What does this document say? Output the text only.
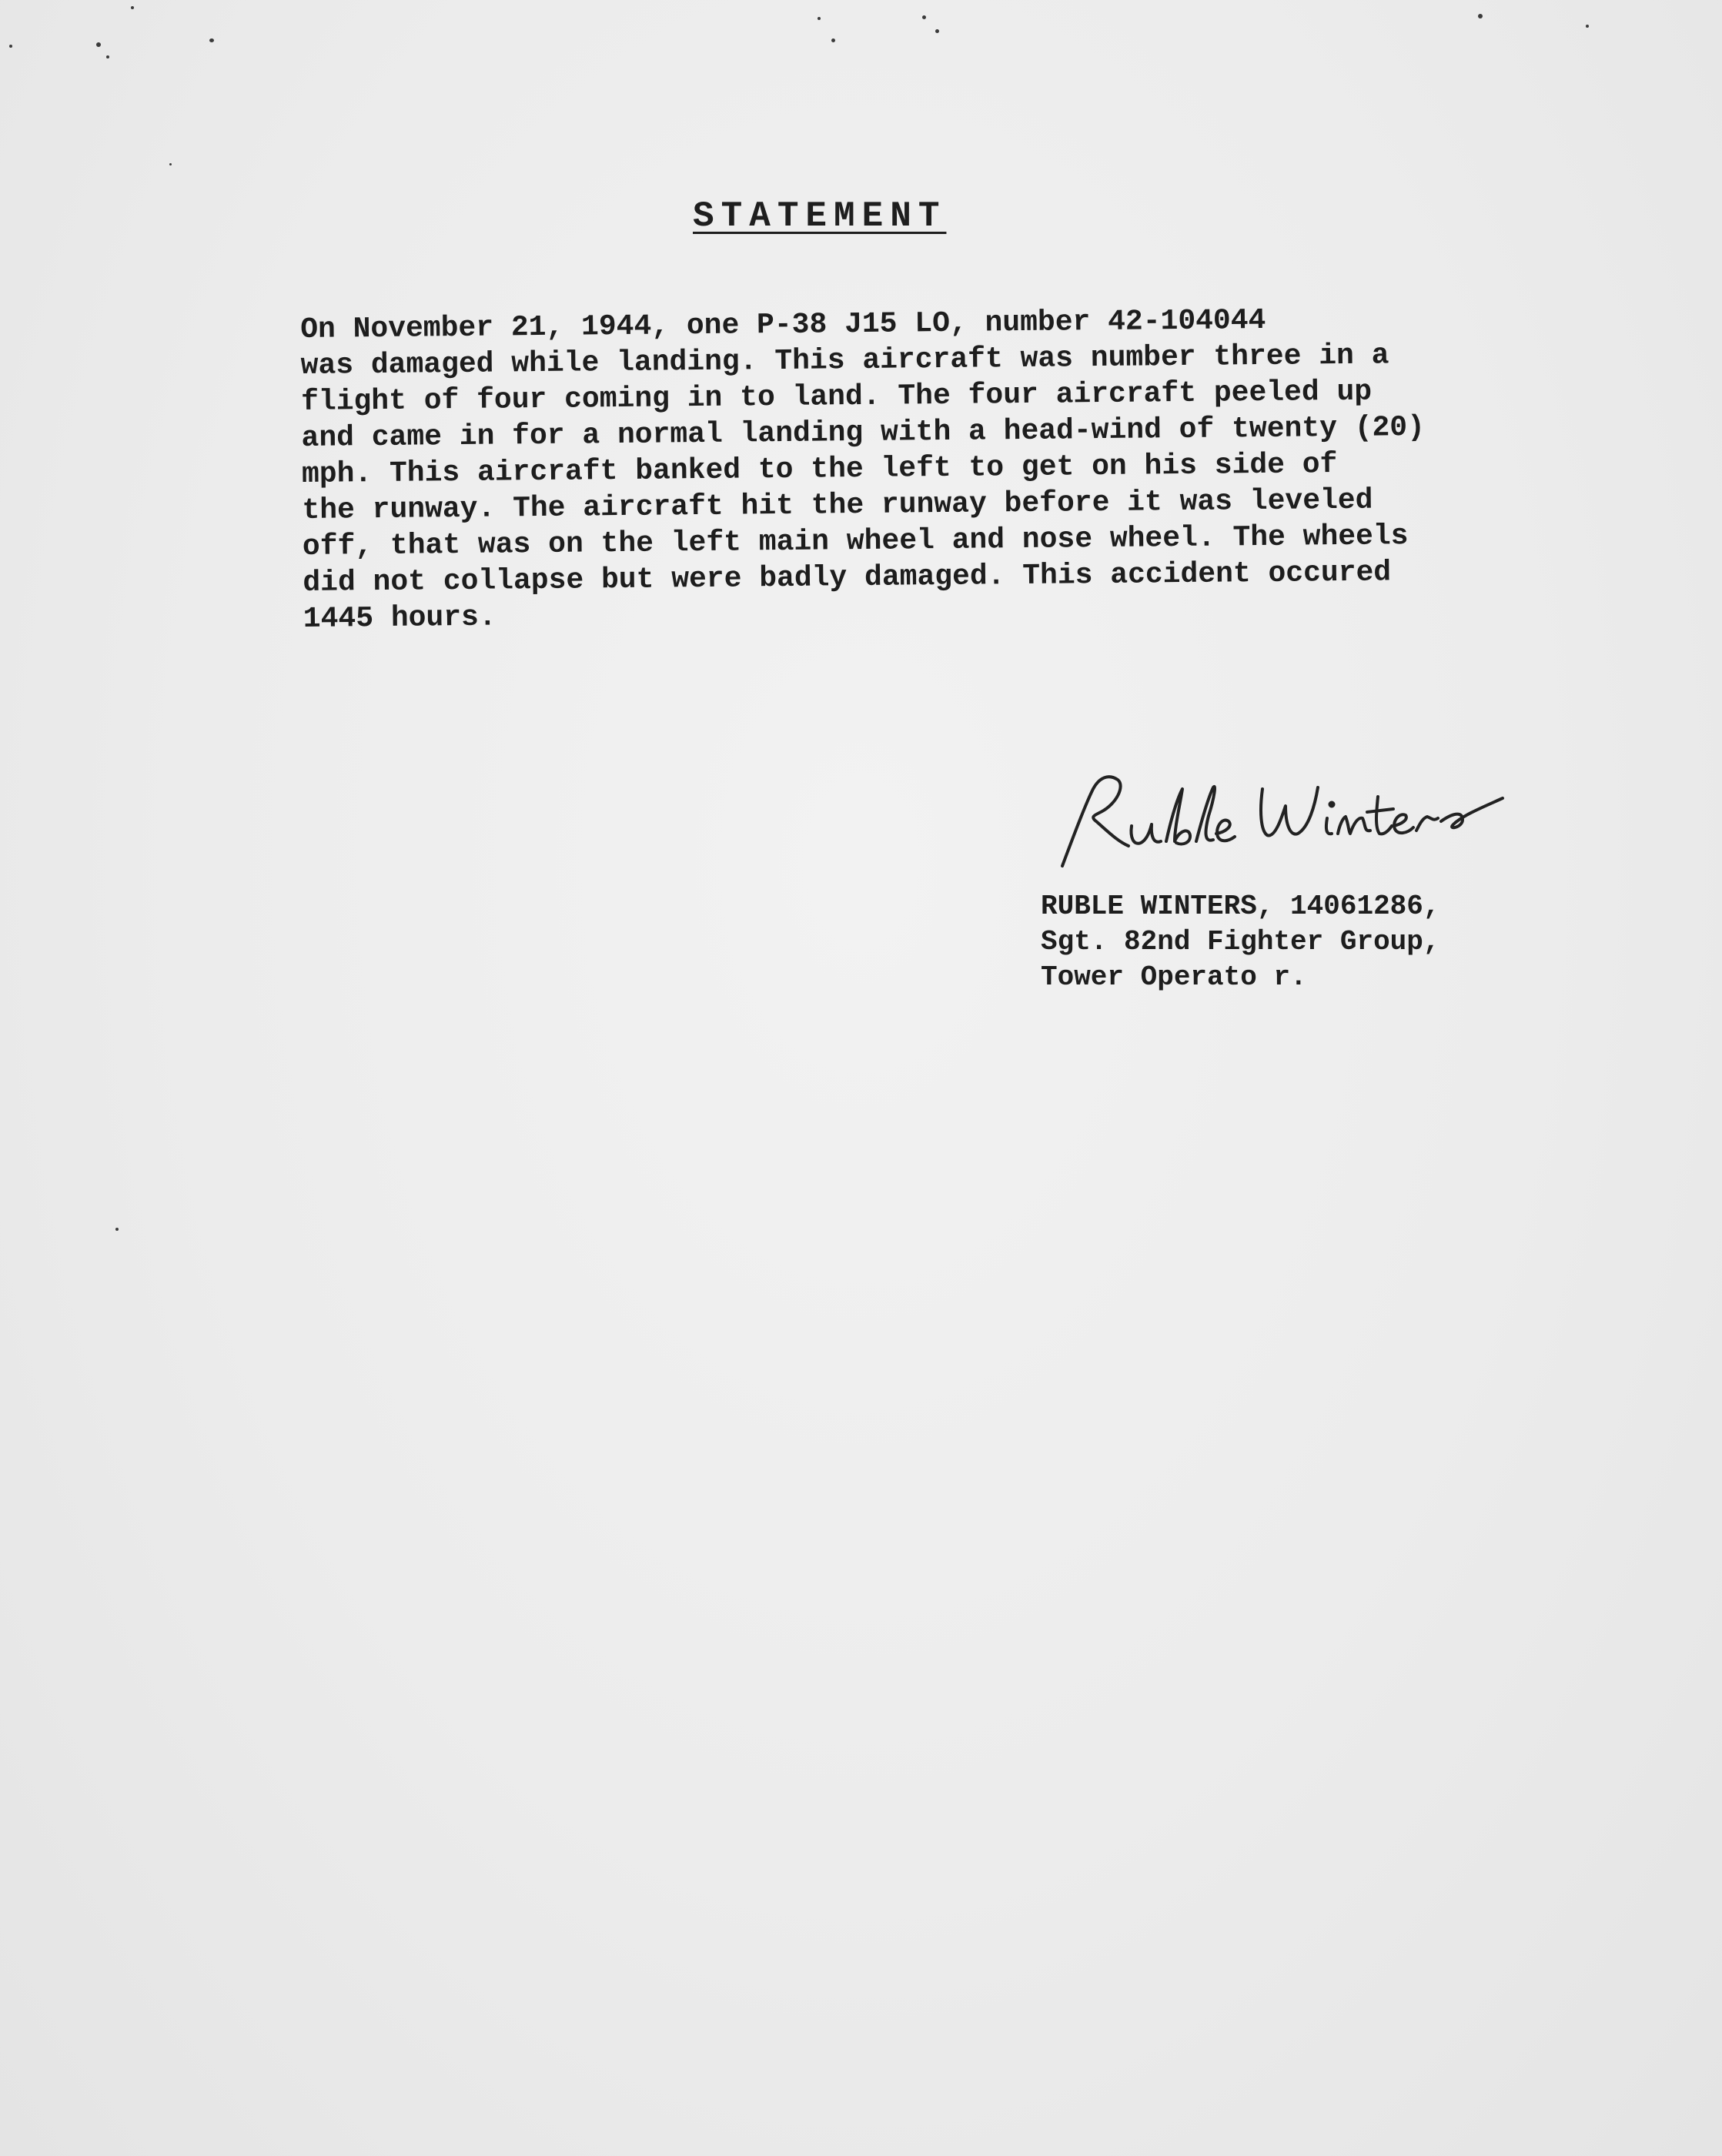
STATEMENT
On November 21, 1944, one P-38 J15 LO, number 42-104044
was damaged while landing. This aircraft was number three in a
flight of four coming in to land. The four aircraft peeled up
and came in for a normal landing with a head-wind of twenty (20)
mph. This aircraft banked to the left to get on his side of
the runway. The aircraft hit the runway before it was leveled
off, that was on the left main wheel and nose wheel. The wheels
did not collapse but were badly damaged. This accident occured
1445 hours.
RUBLE WINTERS, 14061286,
Sgt. 82nd Fighter Group,
Tower Operato r.
